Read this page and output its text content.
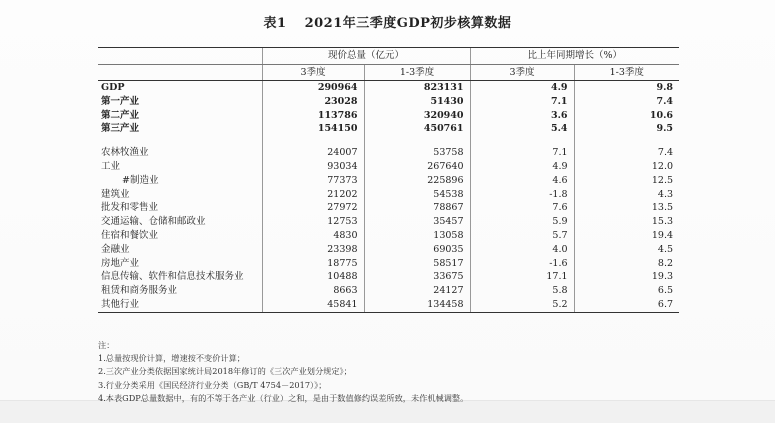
表1 2021年三季度GDP初步核算数据
	现价总量（亿元）		比上年同期增长（%）	
	3季度	1-3季度	3季度	1-3季度
GDP	290964	823131	4.9	9.8
第一产业	23028	51430	7.1	7.4
第二产业	113786	320940	3.6	10.6
第三产业	154150	450761	5.4	9.5

农林牧渔业	24007	53758	7.1	7.4
工业	93034	267640	4.9	12.0
#制造业	77373	225896	4.6	12.5
建筑业	21202	54538	-1.8	4.3
批发和零售业	27972	78867	7.6	13.5
交通运输、仓储和邮政业	12753	35457	5.9	15.3
住宿和餐饮业	4830	13058	5.7	19.4
金融业	23398	69035	4.0	4.5
房地产业	18775	58517	-1.6	8.2
信息传输、软件和信息技术服务业	10488	33675	17.1	19.3
租赁和商务服务业	8663	24127	5.8	6.5
其他行业	45841	134458	5.2	6.7
注：
1.总量按现价计算，增速按不变价计算；
2.三次产业分类依据国家统计局2018年修订的《三次产业划分规定》；
3.行业分类采用《国民经济行业分类（GB/T 4754－2017）》；
4.本表GDP总量数据中，有的不等于各产业（行业）之和，是由于数值修约误差所致，未作机械调整。
